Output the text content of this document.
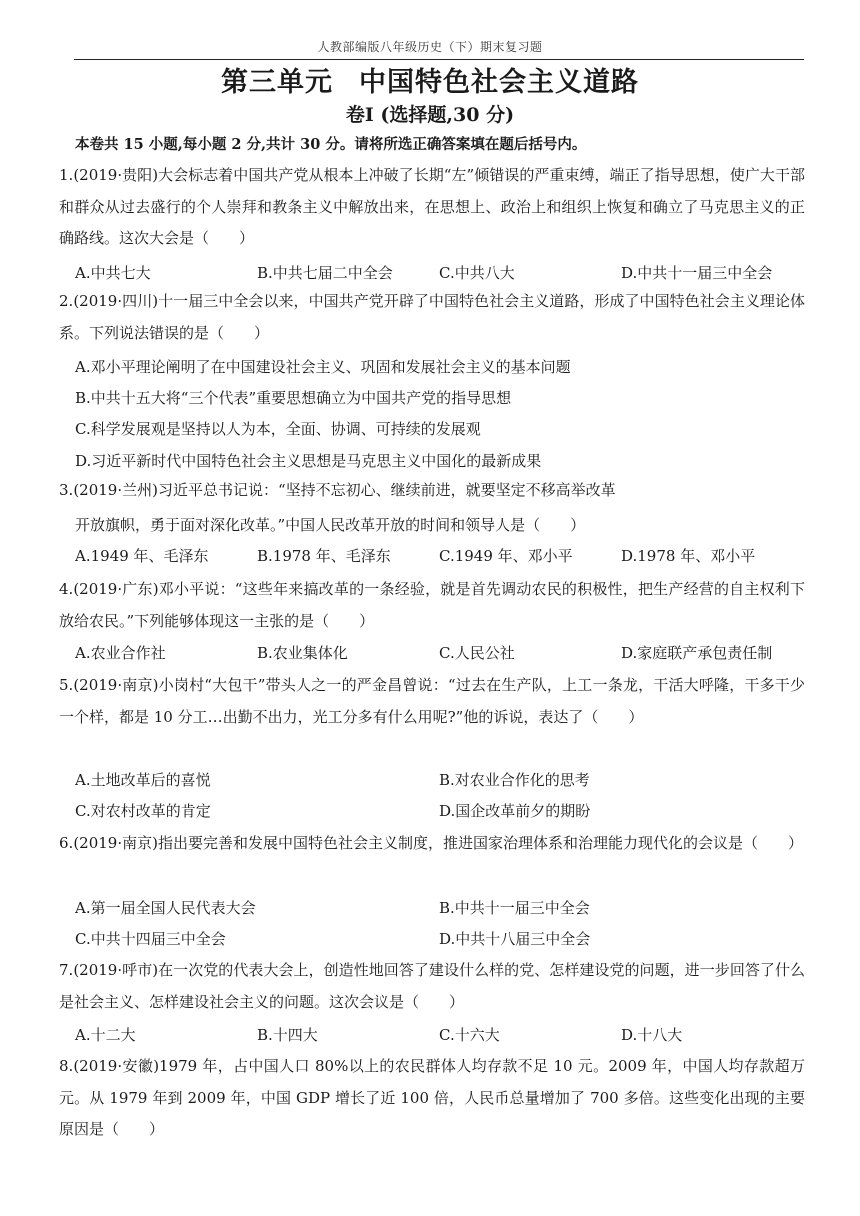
人教部编版八年级历史（下）期末复习题
第三单元 中国特色社会主义道路
卷Ⅰ (选择题,30 分)
本卷共 15 小题,每小题 2 分,共计 30 分。请将所选正确答案填在题后括号内。
1.(2019·贵阳)大会标志着中国共产党从根本上冲破了长期“左”倾错误的严重束缚，端正了指导思想，使广大干部和群众从过去盛行的个人崇拜和教条主义中解放出来，在思想上、政治上和组织上恢复和确立了马克思主义的正确路线。这次大会是（　　）
A.中共七大	B.中共七届二中全会	C.中共八大	D.中共十一届三中全会
2.(2019·四川)十一届三中全会以来，中国共产党开辟了中国特色社会主义道路，形成了中国特色社会主义理论体系。下列说法错误的是（　　）
A.邓小平理论阐明了在中国建设社会主义、巩固和发展社会主义的基本问题
B.中共十五大将“三个代表”重要思想确立为中国共产党的指导思想
C.科学发展观是坚持以人为本，全面、协调、可持续的发展观
D.习近平新时代中国特色社会主义思想是马克思主义中国化的最新成果
3.(2019·兰州)习近平总书记说：“坚持不忘初心、继续前进，就要坚定不移高举改革
开放旗帜，勇于面对深化改革。”中国人民改革开放的时间和领导人是（　　）
A.1949 年、毛泽东	B.1978 年、毛泽东	C.1949 年、邓小平	D.1978 年、邓小平
4.(2019·广东)邓小平说：“这些年来搞改革的一条经验，就是首先调动农民的积极性，把生产经营的自主权利下放给农民。”下列能够体现这一主张的是（　　）
A.农业合作社	B.农业集体化	C.人民公社	D.家庭联产承包责任制
5.(2019·南京)小岗村“大包干”带头人之一的严金昌曾说：“过去在生产队，上工一条龙，干活大呼隆，干多干少一个样，都是 10 分工…出勤不出力，光工分多有什么用呢?”他的诉说，表达了（　　）
A.土地改革后的喜悦	B.对农业合作化的思考
C.对农村改革的肯定	D.国企改革前夕的期盼
6.(2019·南京)指出要完善和发展中国特色社会主义制度，推进国家治理体系和治理能力现代化的会议是（　　）
A.第一届全国人民代表大会	B.中共十一届三中全会
C.中共十四届三中全会	D.中共十八届三中全会
7.(2019·呼市)在一次党的代表大会上，创造性地回答了建设什么样的党、怎样建设党的问题，进一步回答了什么是社会主义、怎样建设社会主义的问题。这次会议是（　　）
A.十二大	B.十四大	C.十六大	D.十八大
8.(2019·安徽)1979 年，占中国人口 80%以上的农民群体人均存款不足 10 元。2009 年，中国人均存款超万元。从 1979 年到 2009 年，中国 GDP 增长了近 100 倍，人民币总量增加了 700 多倍。这些变化出现的主要原因是（　　）
